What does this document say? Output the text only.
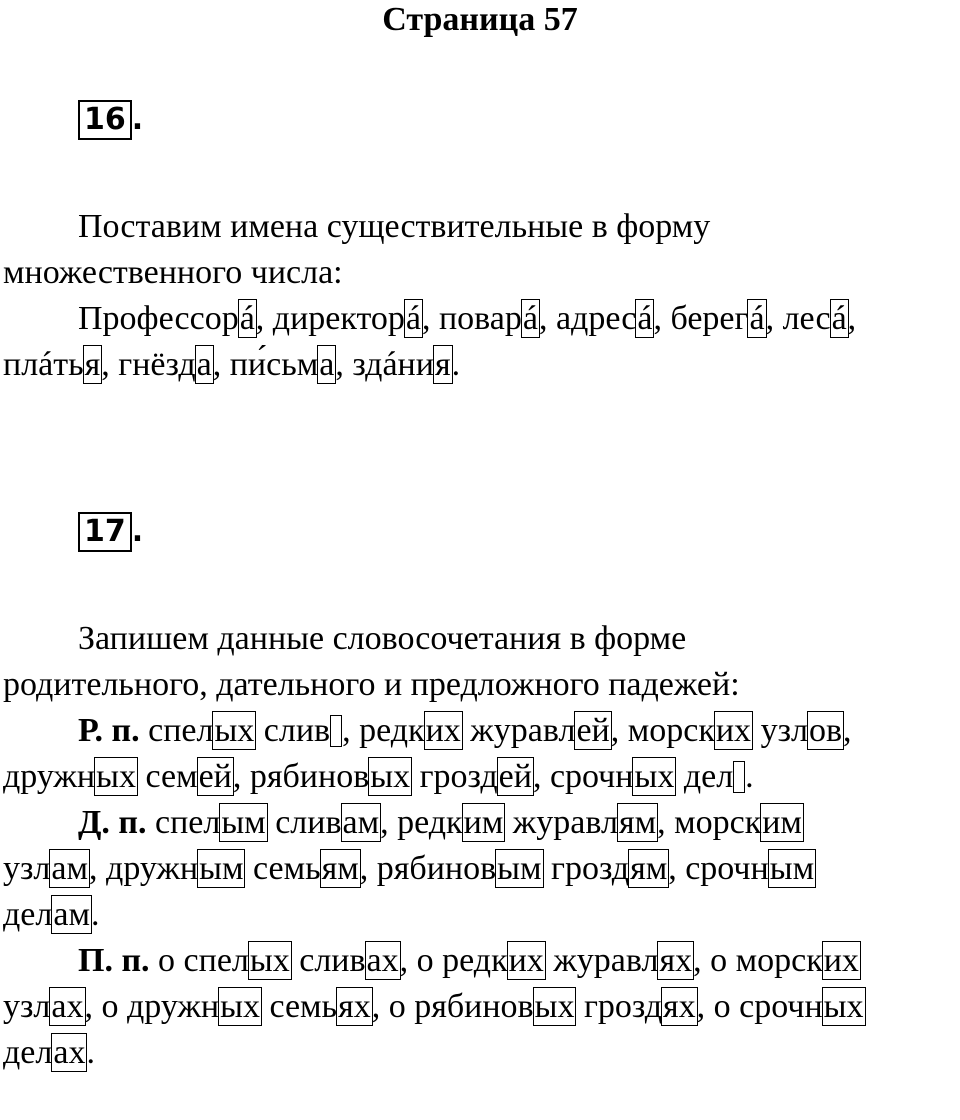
Страница 57
16 .
Поставим имена существительные в форму
множественного числа:
Профессорá, директорá, поварá, адресá, берегá, лесá,
плáтья, гнёзда, пи́сьма, здáния.
17 .
Запишем данные словосочетания в форме
родительного, дательного и предложного падежей:
Р. п. спелых слив , редких журавлей, морских узлов,
дружных семей, рябиновых гроздей, срочных дел .
Д. п. спелым сливам, редким журавлям, морским
узлам, дружным семьям, рябиновым гроздям, срочным
делам.
П. п. о спелых сливах, о редких журавлях, о морских
узлах, о дружных семьях, о рябиновых гроздях, о срочных
делах.
